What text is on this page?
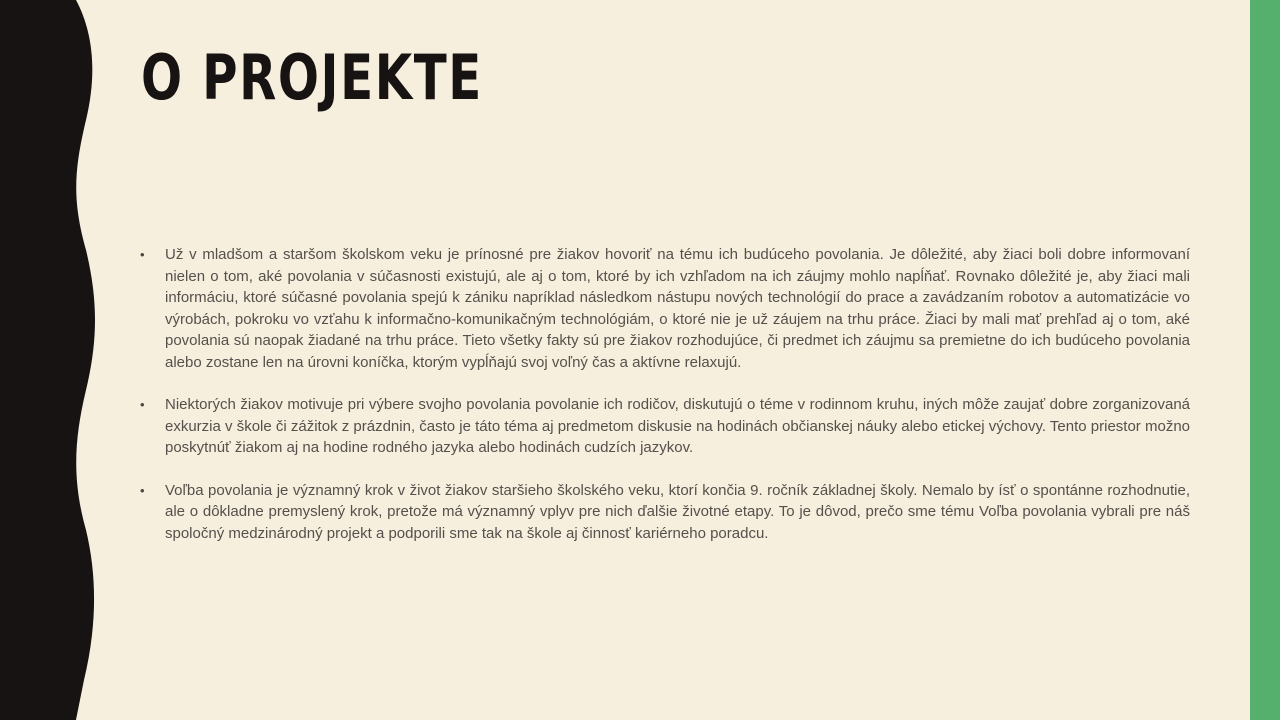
O PROJEKTE
• Už v mladšom a staršom školskom veku je prínosné pre žiakov hovoriť na tému ich budúceho povolania. Je dôležité, aby žiaci boli dobre informovaní nielen o tom, aké povolania v súčasnosti existujú, ale aj o tom, ktoré by ich vzhľadom na ich záujmy mohlo napĺňať. Rovnako dôležité je, aby žiaci mali informáciu, ktoré súčasné povolania spejú k zániku napríklad následkom nástupu nových technológií do prace a zavádzaním robotov a automatizácie vo výrobách, pokroku vo vzťahu k informačno-komunikačným technológiám, o ktoré nie je už záujem na trhu práce. Žiaci by mali mať prehľad aj o tom, aké povolania sú naopak žiadané na trhu práce. Tieto všetky fakty sú pre žiakov rozhodujúce, či predmet ich záujmu sa premietne do ich budúceho povolania alebo zostane len na úrovni koníčka, ktorým vypĺňajú svoj voľný čas a aktívne relaxujú.
• Niektorých žiakov motivuje pri výbere svojho povolania povolanie ich rodičov, diskutujú o téme v rodinnom kruhu, iných môže zaujať dobre zorganizovaná exkurzia v škole či zážitok z prázdnin, často je táto téma aj predmetom diskusie na hodinách občianskej náuky alebo etickej výchovy. Tento priestor možno poskytnúť žiakom aj na hodine rodného jazyka alebo hodinách cudzích jazykov.
• Voľba povolania je významný krok v život žiakov staršieho školského veku, ktorí končia 9. ročník základnej školy. Nemalo by ísť o spontánne rozhodnutie, ale o dôkladne premyslený krok, pretože má významný vplyv pre nich ďalšie životné etapy. To je dôvod, prečo sme tému Voľba povolania vybrali pre náš spoločný medzinárodný projekt a podporili sme tak na škole aj činnosť kariérneho poradcu.
